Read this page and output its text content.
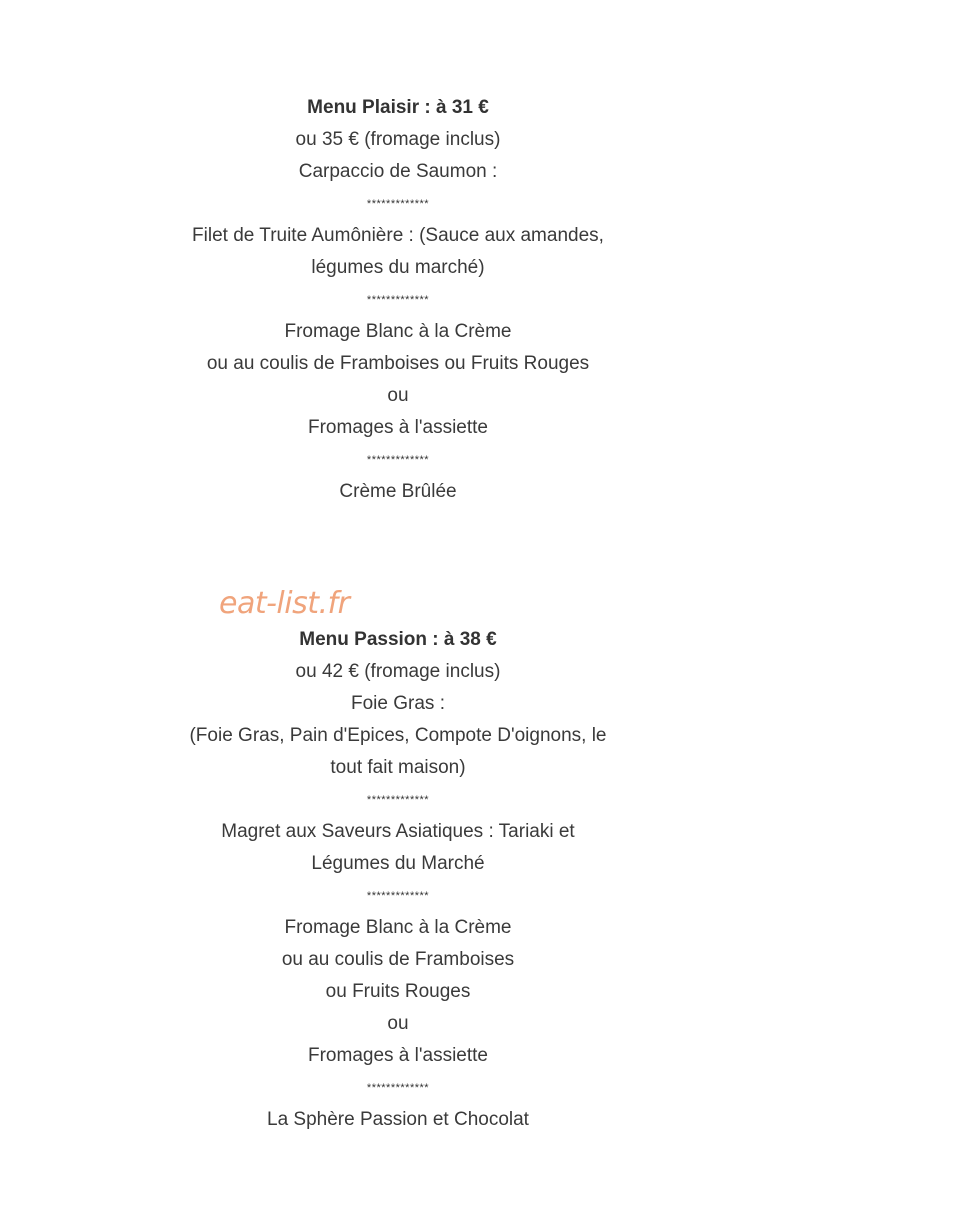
Menu Plaisir : à 31 €
ou 35 € (fromage inclus)
Carpaccio de Saumon :
*************
Filet de Truite Aumônière : (Sauce aux amandes,
légumes du marché)
*************
Fromage Blanc à la Crème
ou au coulis de Framboises ou Fruits Rouges
ou
Fromages à l'assiette
*************
Crème Brûlée
eat-list.fr
Menu Passion : à 38 €
ou 42 € (fromage inclus)
Foie Gras :
(Foie Gras, Pain d'Epices, Compote D'oignons, le
tout fait maison)
*************
Magret aux Saveurs Asiatiques : Tariaki et
Légumes du Marché
*************
Fromage Blanc à la Crème
ou au coulis de Framboises
ou Fruits Rouges
ou
Fromages à l'assiette
*************
La Sphère Passion et Chocolat
